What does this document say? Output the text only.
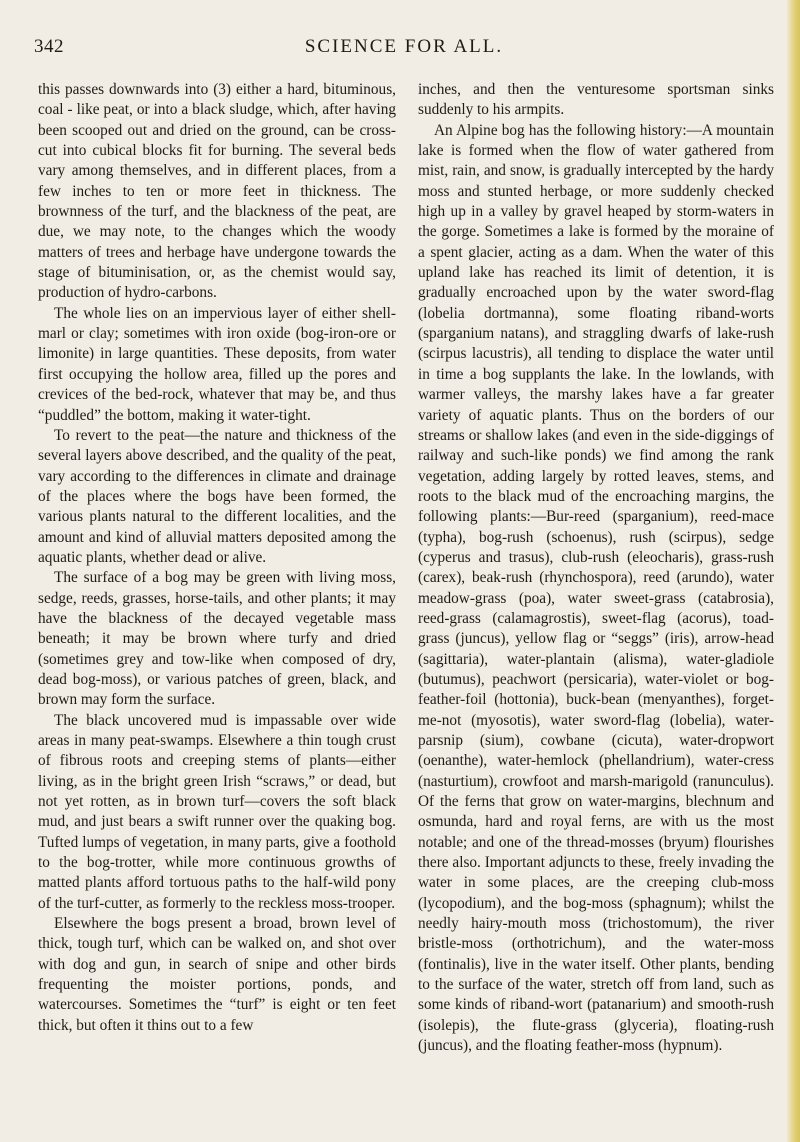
342	SCIENCE FOR ALL.

this passes downwards into (3) either a hard, bituminous, coal - like peat, or into a black sludge, which, after having been scooped out and dried on the ground, can be cross-cut into cubical blocks fit for burning. The several beds vary among themselves, and in different places, from a few inches to ten or more feet in thickness. The brownness of the turf, and the blackness of the peat, are due, we may note, to the changes which the woody matters of trees and herbage have undergone towards the stage of bituminisation, or, as the chemist would say, production of hydro-carbons.

The whole lies on an impervious layer of either shell-marl or clay; sometimes with iron oxide (bog-iron-ore or limonite) in large quantities. These deposits, from water first occupying the hollow area, filled up the pores and crevices of the bed-rock, whatever that may be, and thus “puddled” the bottom, making it water-tight.

To revert to the peat—the nature and thickness of the several layers above described, and the quality of the peat, vary according to the differences in climate and drainage of the places where the bogs have been formed, the various plants natural to the different localities, and the amount and kind of alluvial matters deposited among the aquatic plants, whether dead or alive.

The surface of a bog may be green with living moss, sedge, reeds, grasses, horse-tails, and other plants; it may have the blackness of the decayed vegetable mass beneath; it may be brown where turfy and dried (sometimes grey and tow-like when composed of dry, dead bog-moss), or various patches of green, black, and brown may form the surface.

The black uncovered mud is impassable over wide areas in many peat-swamps. Elsewhere a thin tough crust of fibrous roots and creeping stems of plants—either living, as in the bright green Irish “scraws,” or dead, but not yet rotten, as in brown turf—covers the soft black mud, and just bears a swift runner over the quaking bog. Tufted lumps of vegetation, in many parts, give a foothold to the bog-trotter, while more continuous growths of matted plants afford tortuous paths to the half-wild pony of the turf-cutter, as formerly to the reckless moss-trooper.

Elsewhere the bogs present a broad, brown level of thick, tough turf, which can be walked on, and shot over with dog and gun, in search of snipe and other birds frequenting the moister portions, ponds, and watercourses. Sometimes the “turf” is eight or ten feet thick, but often it thins out to a few

inches, and then the venturesome sportsman sinks suddenly to his armpits.

An Alpine bog has the following history:—A mountain lake is formed when the flow of water gathered from mist, rain, and snow, is gradually intercepted by the hardy moss and stunted herbage, or more suddenly checked high up in a valley by gravel heaped by storm-waters in the gorge. Sometimes a lake is formed by the moraine of a spent glacier, acting as a dam. When the water of this upland lake has reached its limit of detention, it is gradually encroached upon by the water sword-flag (lobelia dortmanna), some floating riband-worts (sparganium natans), and straggling dwarfs of lake-rush (scirpus lacustris), all tending to displace the water until in time a bog supplants the lake. In the lowlands, with warmer valleys, the marshy lakes have a far greater variety of aquatic plants. Thus on the borders of our streams or shallow lakes (and even in the side-diggings of railway and such-like ponds) we find among the rank vegetation, adding largely by rotted leaves, stems, and roots to the black mud of the encroaching margins, the following plants:—Bur-reed (sparganium), reed-mace (typha), bog-rush (schoenus), rush (scirpus), sedge (cyperus and trasus), club-rush (eleocharis), grass-rush (carex), beak-rush (rhynchospora), reed (arundo), water meadow-grass (poa), water sweet-grass (catabrosia), reed-grass (calamagrostis), sweet-flag (acorus), toad-grass (juncus), yellow flag or “seggs” (iris), arrow-head (sagittaria), water-plantain (alisma), water-gladiole (butumus), peachwort (persicaria), water-violet or bog-feather-foil (hottonia), buck-bean (menyanthes), forget-me-not (myosotis), water sword-flag (lobelia), water-parsnip (sium), cowbane (cicuta), water-dropwort (oenanthe), water-hemlock (phellandrium), water-cress (nasturtium), crowfoot and marsh-marigold (ranunculus). Of the ferns that grow on water-margins, blechnum and osmunda, hard and royal ferns, are with us the most notable; and one of the thread-mosses (bryum) flourishes there also. Important adjuncts to these, freely invading the water in some places, are the creeping club-moss (lycopodium), and the bog-moss (sphagnum); whilst the needly hairy-mouth moss (trichostomum), the river bristle-moss (orthotrichum), and the water-moss (fontinalis), live in the water itself. Other plants, bending to the surface of the water, stretch off from land, such as some kinds of riband-wort (patanarium) and smooth-rush (isolepis), the flute-grass (glyceria), floating-rush (juncus), and the floating feather-moss (hypnum).
